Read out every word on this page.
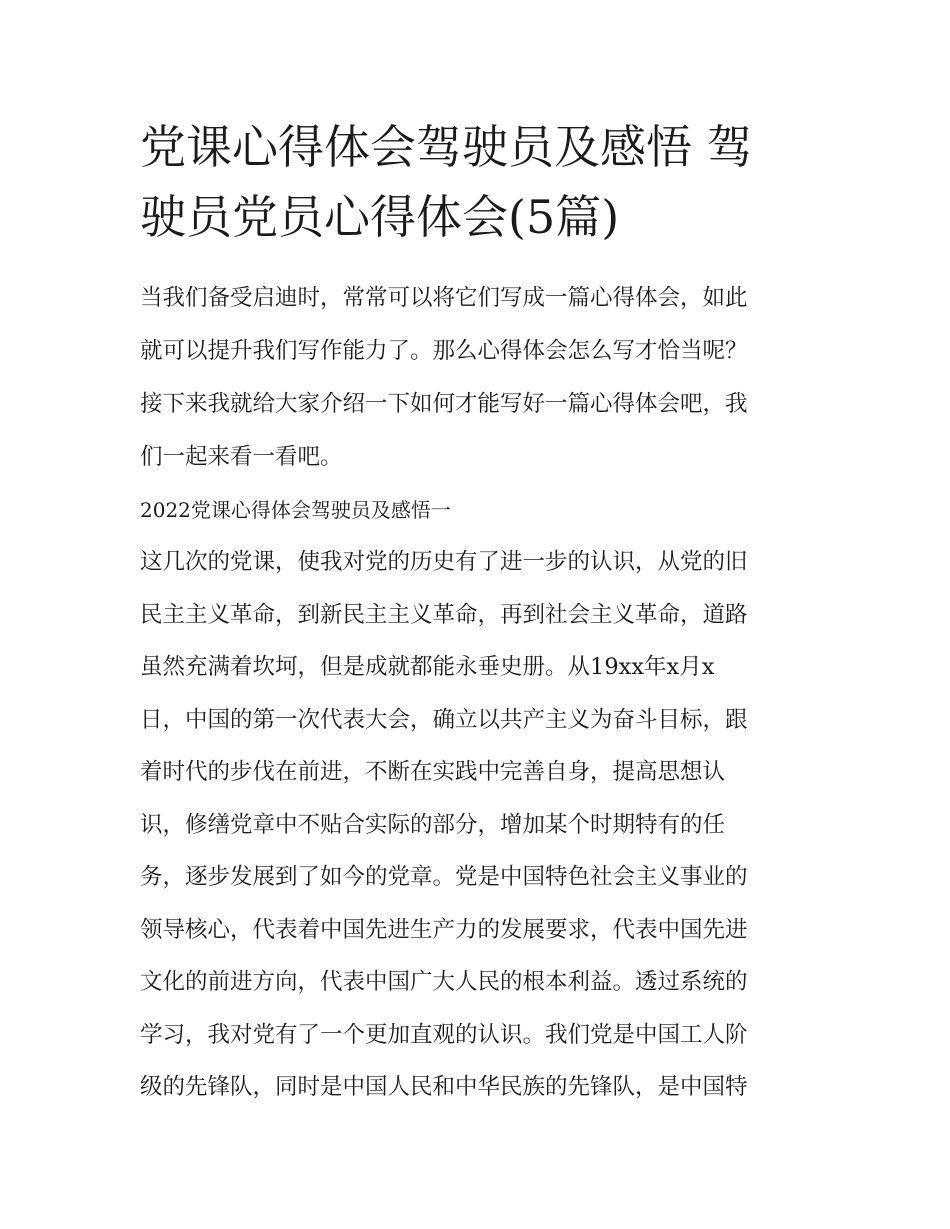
党课心得体会驾驶员及感悟 驾
驶员党员心得体会(5篇)

当我们备受启迪时，常常可以将它们写成一篇心得体会，如此
就可以提升我们写作能力了。那么心得体会怎么写才恰当呢？
接下来我就给大家介绍一下如何才能写好一篇心得体会吧，我
们一起来看一看吧。

2022党课心得体会驾驶员及感悟一

这几次的党课，使我对党的历史有了进一步的认识，从党的旧
民主主义革命，到新民主主义革命，再到社会主义革命，道路
虽然充满着坎坷，但是成就都能永垂史册。从19xx年x月x
日，中国的第一次代表大会，确立以共产主义为奋斗目标，跟
着时代的步伐在前进，不断在实践中完善自身，提高思想认
识，修缮党章中不贴合实际的部分，增加某个时期特有的任
务，逐步发展到了如今的党章。党是中国特色社会主义事业的
领导核心，代表着中国先进生产力的发展要求，代表中国先进
文化的前进方向，代表中国广大人民的根本利益。透过系统的
学习，我对党有了一个更加直观的认识。我们党是中国工人阶
级的先锋队，同时是中国人民和中华民族的先锋队，是中国特
